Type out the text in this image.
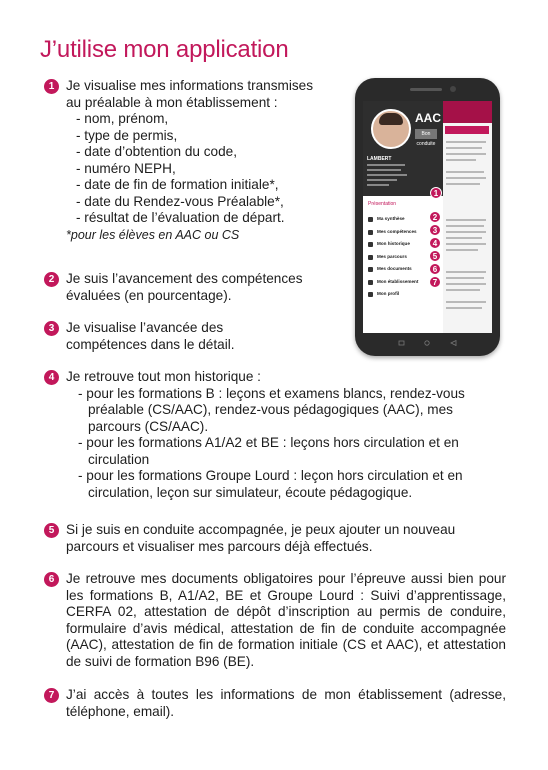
J’utilise mon application
1 Je visualise mes informations transmises
au préalable à mon établissement :
- nom, prénom,
- type de permis,
- date d’obtention du code,
- numéro NEPH,
- date de fin de formation initiale*,
- date du Rendez-vous Préalable*,
- résultat de l’évaluation de départ.
*pour les élèves en AAC ou CS
2 Je suis l’avancement des compétences
évaluées (en pourcentage).
3 Je visualise l’avancée des
compétences dans le détail.
4 Je retrouve tout mon historique :
- pour les formations B : leçons et examens blancs, rendez-vous préalable (CS/AAC), rendez-vous pédagogiques (AAC), mes parcours (CS/AAC).
- pour les formations A1/A2 et BE : leçons hors circulation et en circulation
- pour les formations Groupe Lourd : leçon hors circulation et en circulation, leçon sur simulateur, écoute pédagogique.
5 Si je suis en conduite accompagnée, je peux ajouter un nouveau parcours et visualiser mes parcours déjà effectués.
6 Je retrouve mes documents obligatoires pour l’épreuve aussi bien pour les formations B, A1/A2, BE et Groupe Lourd : Suivi d’apprentissage, CERFA 02, attestation de dépôt d’inscription au permis de conduire, formulaire d’avis médical, attestation de fin de conduite accompagnée (AAC), attestation de fin de formation initiale (CS et AAC), et attestation de suivi de formation B96 (BE).
7 J’ai accès à toutes les informations de mon établissement (adresse, téléphone, email).
AAC
Bon conduite
LAMBERT
Présentation
Ma synthèse
Mes compétences
Mon historique
Mes parcours
Mes documents
Mon établissement
Mon profil
1
2
3
4
5
6
7
